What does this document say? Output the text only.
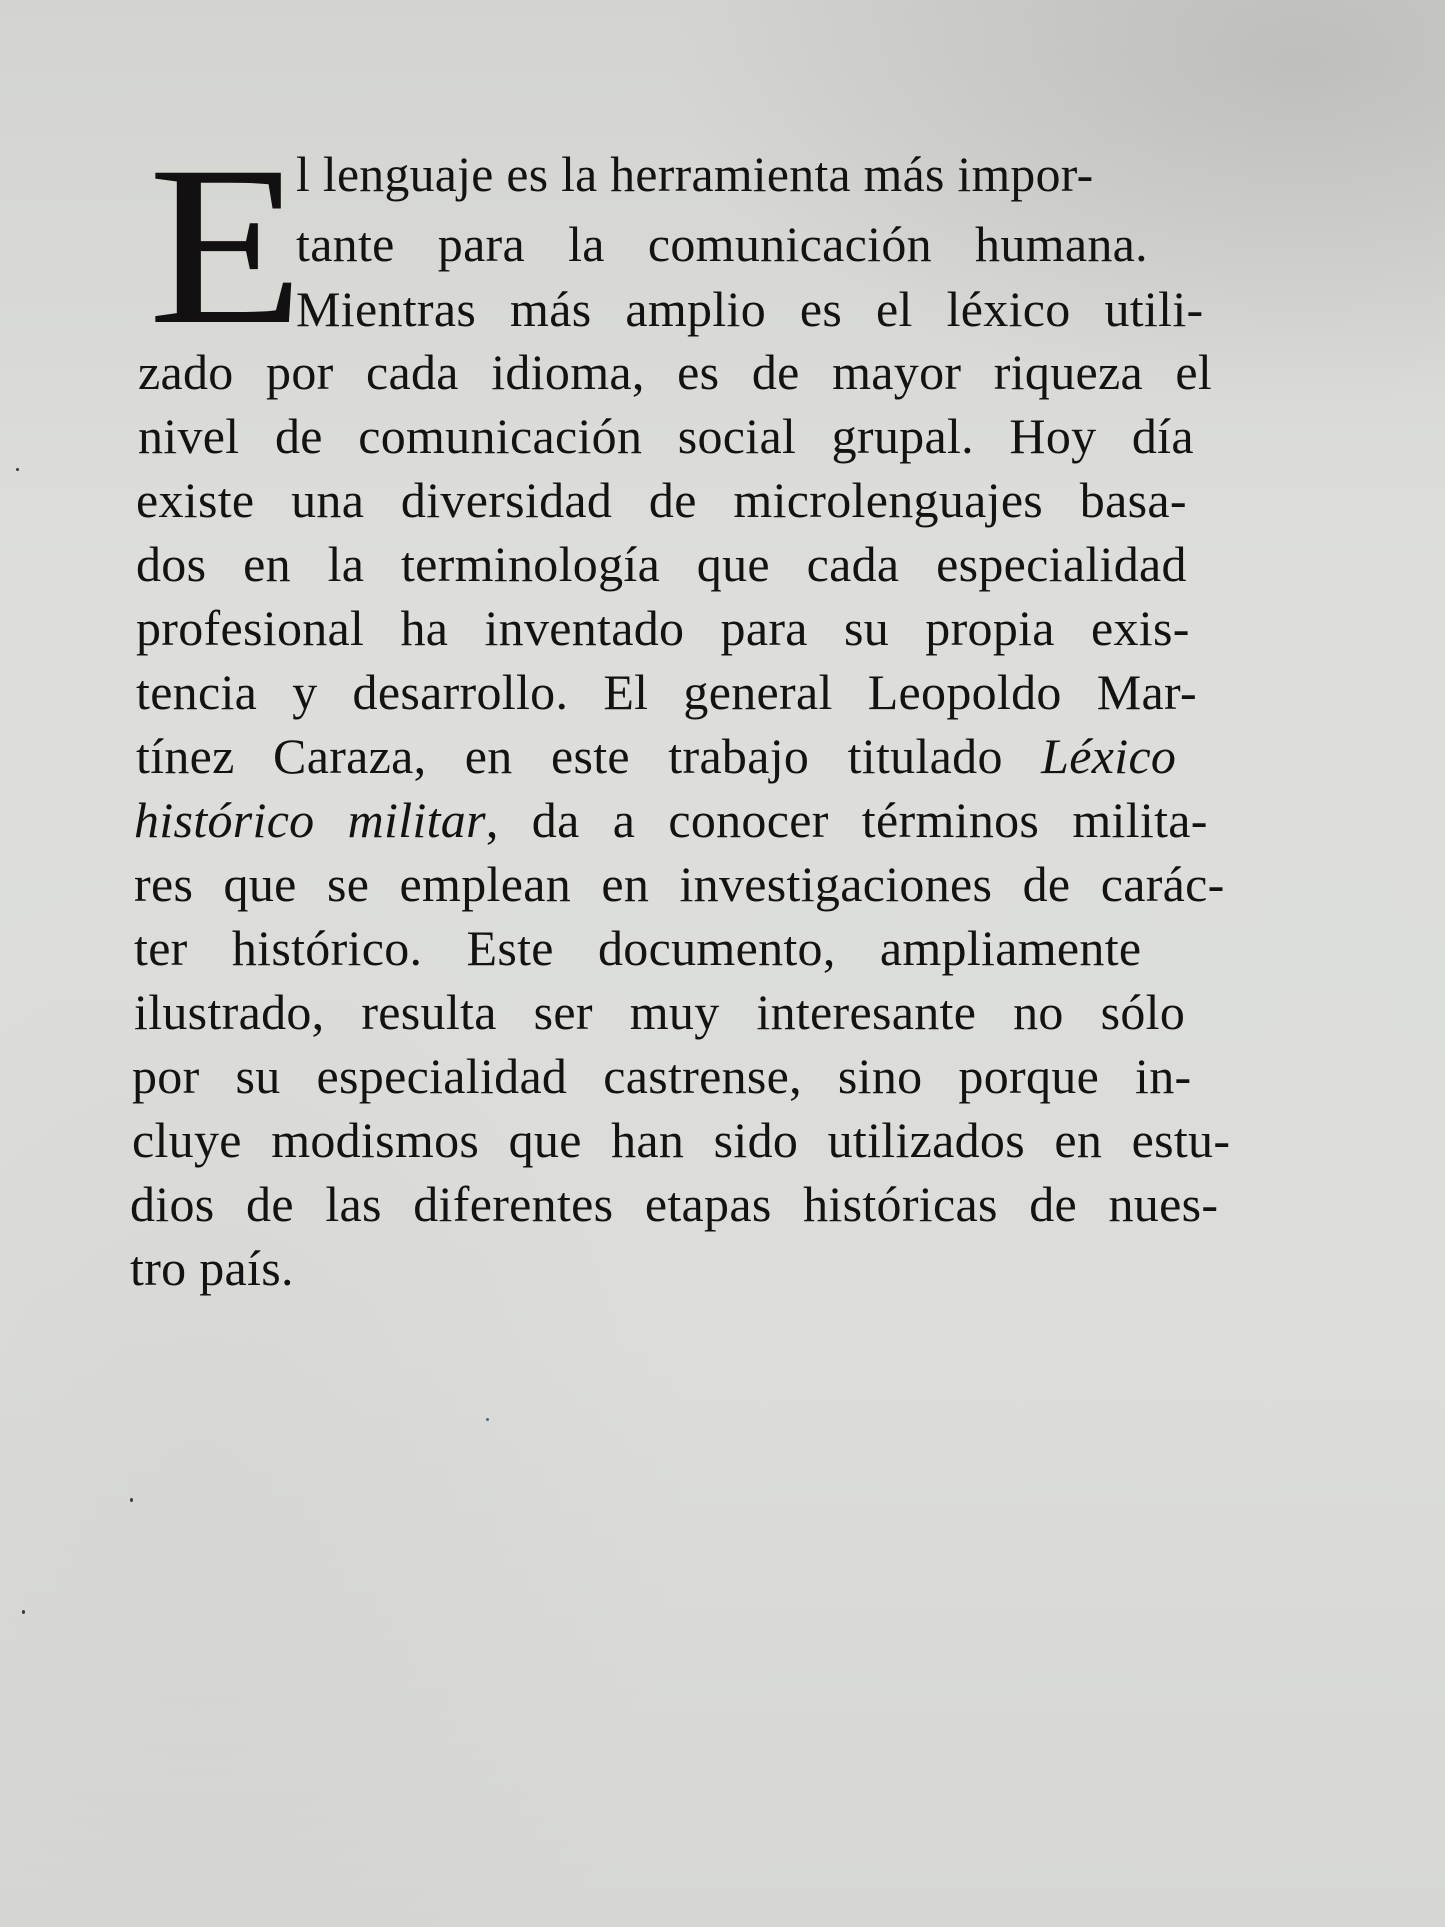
E
l lenguaje es la herramienta más impor-
tante para la comunicación humana.
Mientras más amplio es el léxico utili-
zado por cada idioma, es de mayor riqueza el
nivel de comunicación social grupal. Hoy día
existe una diversidad de microlenguajes basa-
dos en la terminología que cada especialidad
profesional ha inventado para su propia exis-
tencia y desarrollo. El general Leopoldo Mar-
tínez Caraza, en este trabajo titulado Léxico
histórico militar, da a conocer términos milita-
res que se emplean en investigaciones de carác-
ter histórico. Este documento, ampliamente
ilustrado, resulta ser muy interesante no sólo
por su especialidad castrense, sino porque in-
cluye modismos que han sido utilizados en estu-
dios de las diferentes etapas históricas de nues-
tro país.
